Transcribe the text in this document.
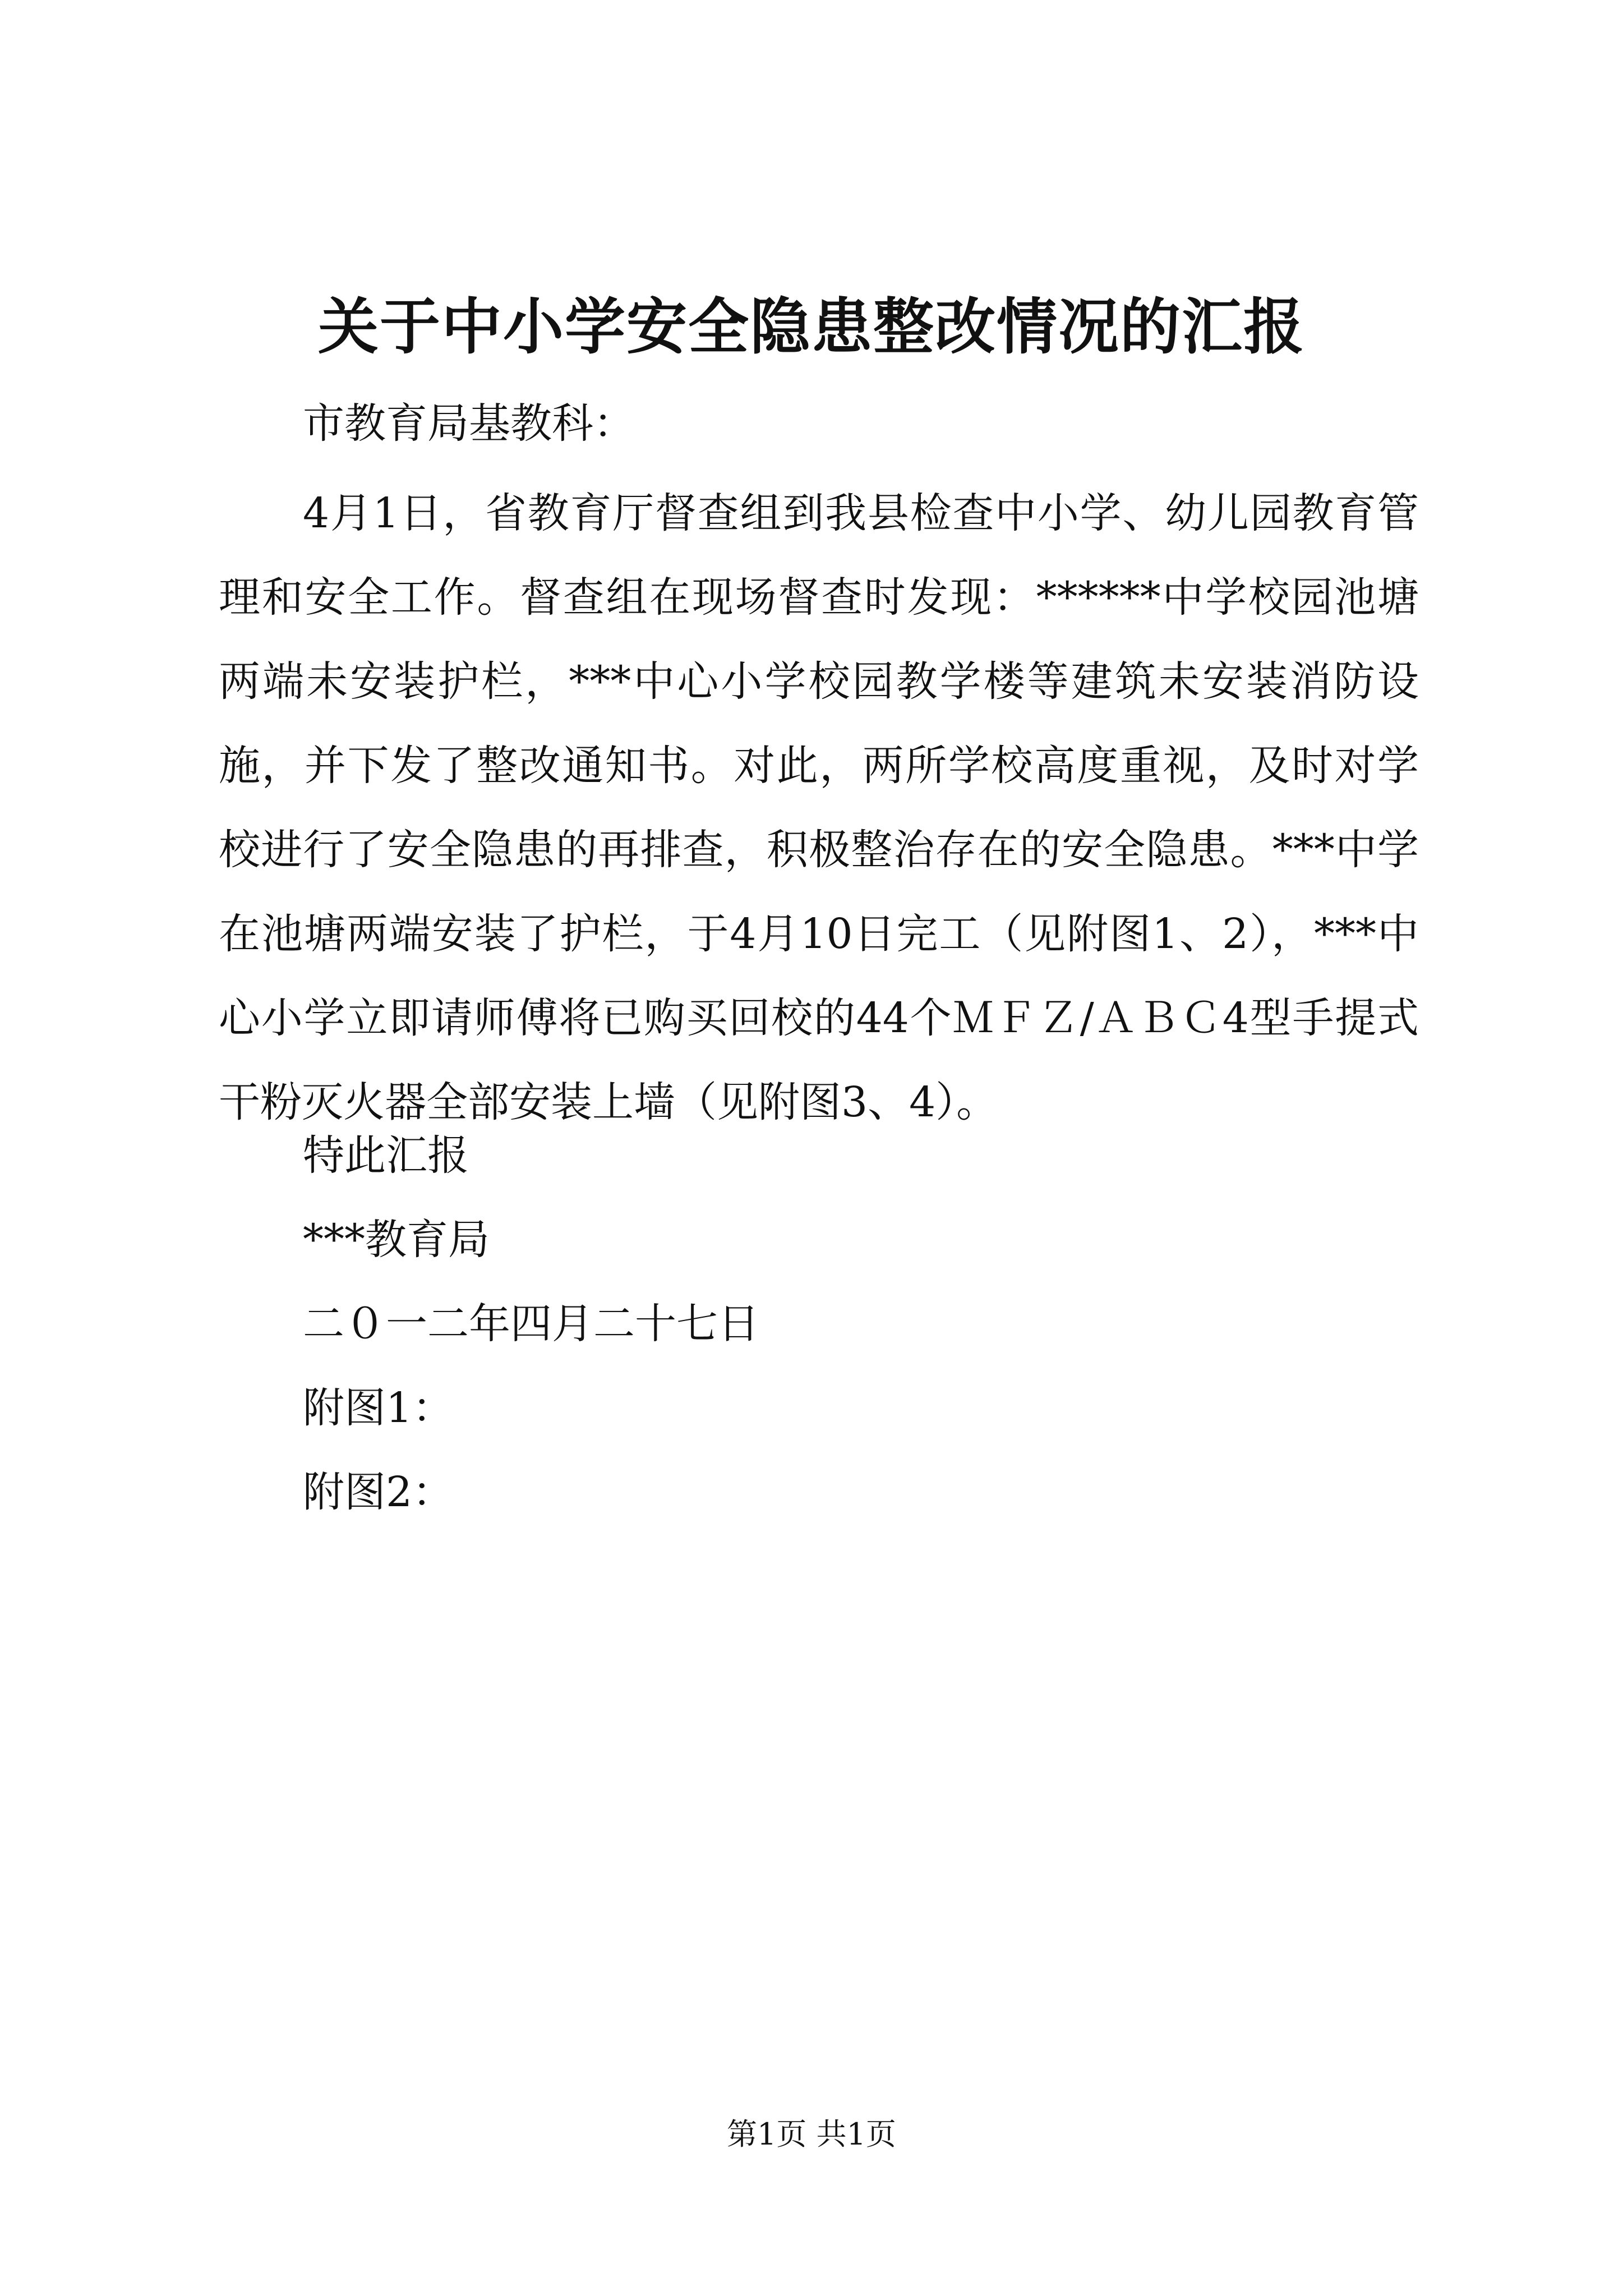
关于中小学安全隐患整改情况的汇报

市教育局基教科：

4月1日，省教育厅督查组到我县检查中小学、幼儿园教育管理和安全工作。督查组在现场督查时发现：******中学校园池塘两端未安装护栏，***中心小学校园教学楼等建筑未安装消防设施，并下发了整改通知书。对此，两所学校高度重视，及时对学校进行了安全隐患的再排查，积极整治存在的安全隐患。***中学在池塘两端安装了护栏，于4月10日完工（见附图1、2），***中心小学立即请师傅将已购买回校的44个ＭＦＺ/ＡＢＣ4型手提式干粉灭火器全部安装上墙（见附图3、4）。

特此汇报

***教育局

二０一二年四月二十七日

附图1：

附图2：

第1页 共1页
